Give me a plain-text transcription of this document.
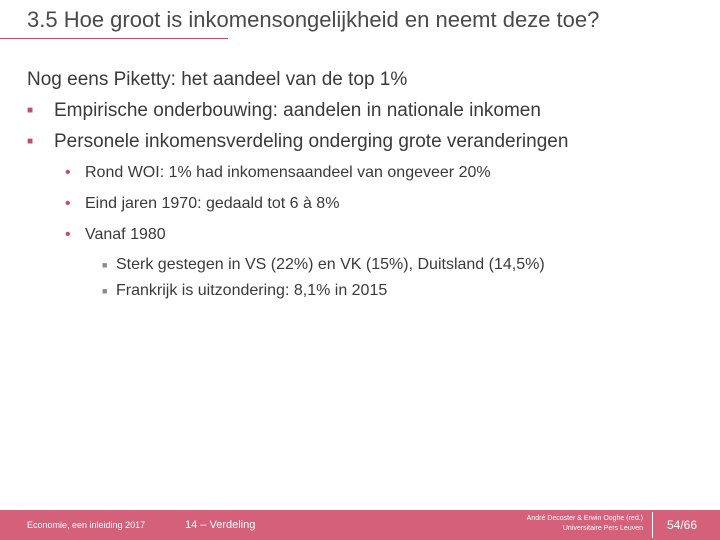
3.5 Hoe groot is inkomensongelijkheid en neemt deze toe?
Nog eens Piketty: het aandeel van de top 1%
■ Empirische onderbouwing: aandelen in nationale inkomen
■ Personele inkomensverdeling onderging grote veranderingen
• Rond WOI: 1% had inkomensaandeel van ongeveer 20%
• Eind jaren 1970: gedaald tot 6 à 8%
• Vanaf 1980
■ Sterk gestegen in VS (22%) en VK (15%), Duitsland (14,5%)
■ Frankrijk is uitzondering: 8,1% in 2015
Economie, een inleiding 2017	14 – Verdeling
André Decoster & Erwin Ooghe (red.)
Universitaire Pers Leuven 54/66
